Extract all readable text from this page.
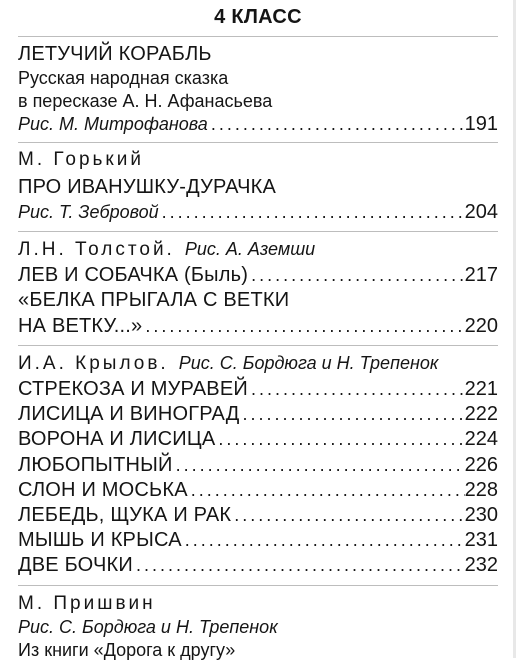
4 КЛАСС
ЛЕТУЧИЙ КОРАБЛЬ
Русская народная сказка
в пересказе А. Н. Афанасьева
Рис. М. Митрофанова .....	191
М. Горький
ПРО ИВАНУШКУ-ДУРАЧКА
Рис. Т. Зебровой .....	204
Л.Н. Толстой. Рис. А. Аземши
ЛЕВ И СОБАЧКА (Быль) .....	217
«БЕЛКА ПРЫГАЛА С ВЕТКИ
НА ВЕТКУ...» .....	220
И.А. Крылов. Рис. С. Бордюга и Н. Трепенок
СТРЕКОЗА И МУРАВЕЙ .....	221
ЛИСИЦА И ВИНОГРАД .....	222
ВОРОНА И ЛИСИЦА .....	224
ЛЮБОПЫТНЫЙ .....	226
СЛОН И МОСЬКА .....	228
ЛЕБЕДЬ, ЩУКА И РАК .....	230
МЫШЬ И КРЫСА .....	231
ДВЕ БОЧКИ .....	232
М. Пришвин
Рис. С. Бордюга и Н. Трепенок
Из книги «Дорога к другу»
